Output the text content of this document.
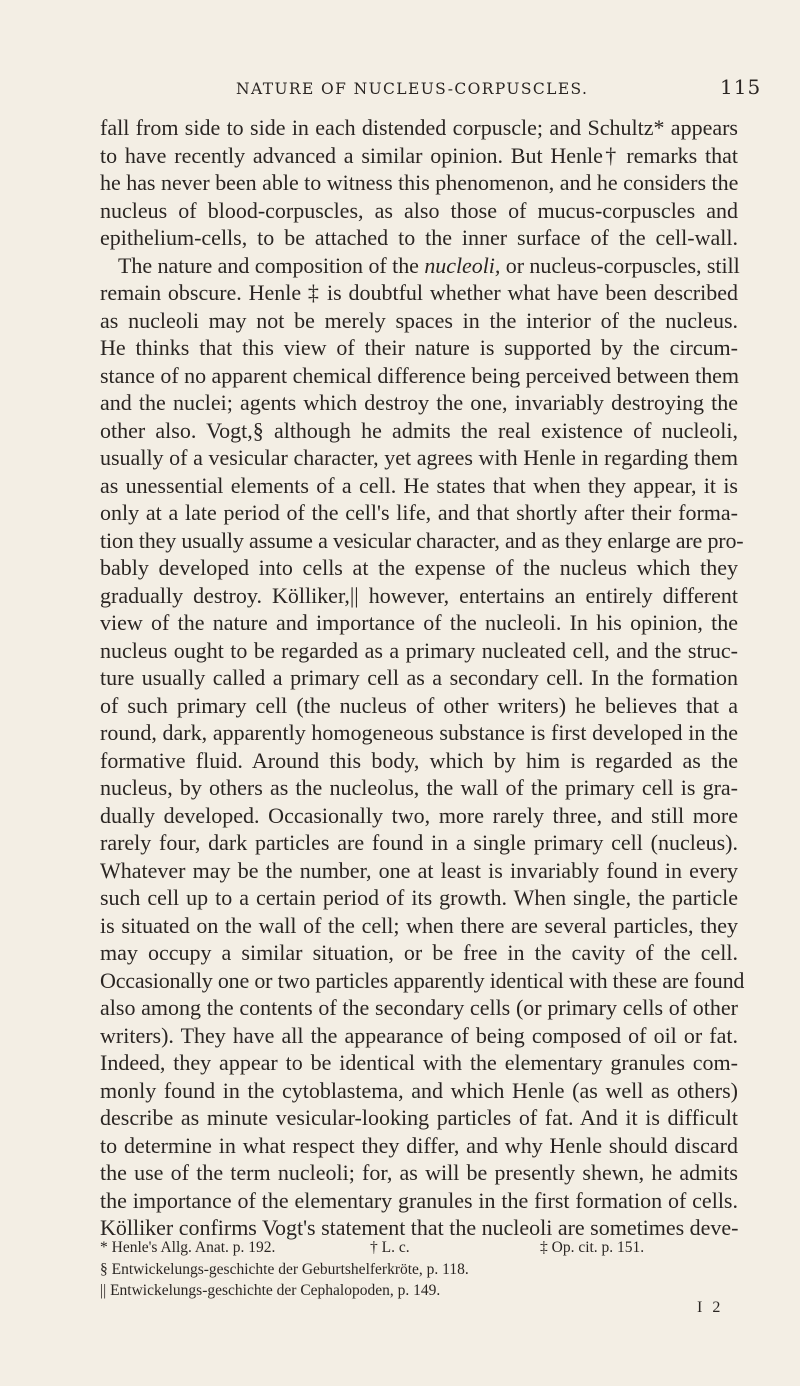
NATURE OF NUCLEUS-CORPUSCLES.	115
fall from side to side in each distended corpuscle; and Schultz* appears
to have recently advanced a similar opinion. But Henle† remarks that
he has never been able to witness this phenomenon, and he considers the
nucleus of blood-corpuscles, as also those of mucus-corpuscles and
epithelium-cells, to be attached to the inner surface of the cell-wall.
The nature and composition of the nucleoli, or nucleus-corpuscles, still
remain obscure. Henle ‡ is doubtful whether what have been described
as nucleoli may not be merely spaces in the interior of the nucleus.
He thinks that this view of their nature is supported by the circum-
stance of no apparent chemical difference being perceived between them
and the nuclei; agents which destroy the one, invariably destroying the
other also. Vogt,§ although he admits the real existence of nucleoli,
usually of a vesicular character, yet agrees with Henle in regarding them
as unessential elements of a cell. He states that when they appear, it is
only at a late period of the cell's life, and that shortly after their forma-
tion they usually assume a vesicular character, and as they enlarge are pro-
bably developed into cells at the expense of the nucleus which they
gradually destroy. Kölliker,|| however, entertains an entirely different
view of the nature and importance of the nucleoli. In his opinion, the
nucleus ought to be regarded as a primary nucleated cell, and the struc-
ture usually called a primary cell as a secondary cell. In the formation
of such primary cell (the nucleus of other writers) he believes that a
round, dark, apparently homogeneous substance is first developed in the
formative fluid. Around this body, which by him is regarded as the
nucleus, by others as the nucleolus, the wall of the primary cell is gra-
dually developed. Occasionally two, more rarely three, and still more
rarely four, dark particles are found in a single primary cell (nucleus).
Whatever may be the number, one at least is invariably found in every
such cell up to a certain period of its growth. When single, the particle
is situated on the wall of the cell; when there are several particles, they
may occupy a similar situation, or be free in the cavity of the cell.
Occasionally one or two particles apparently identical with these are found
also among the contents of the secondary cells (or primary cells of other
writers). They have all the appearance of being composed of oil or fat.
Indeed, they appear to be identical with the elementary granules com-
monly found in the cytoblastema, and which Henle (as well as others)
describe as minute vesicular-looking particles of fat. And it is difficult
to determine in what respect they differ, and why Henle should discard
the use of the term nucleoli; for, as will be presently shewn, he admits
the importance of the elementary granules in the first formation of cells.
Kölliker confirms Vogt's statement that the nucleoli are sometimes deve-
* Henle's Allg. Anat. p. 192.	† L. c.	‡ Op. cit. p. 151.
§ Entwickelungs-geschichte der Geburtshelferkröte, p. 118.
|| Entwickelungs-geschichte der Cephalopoden, p. 149.
I 2
